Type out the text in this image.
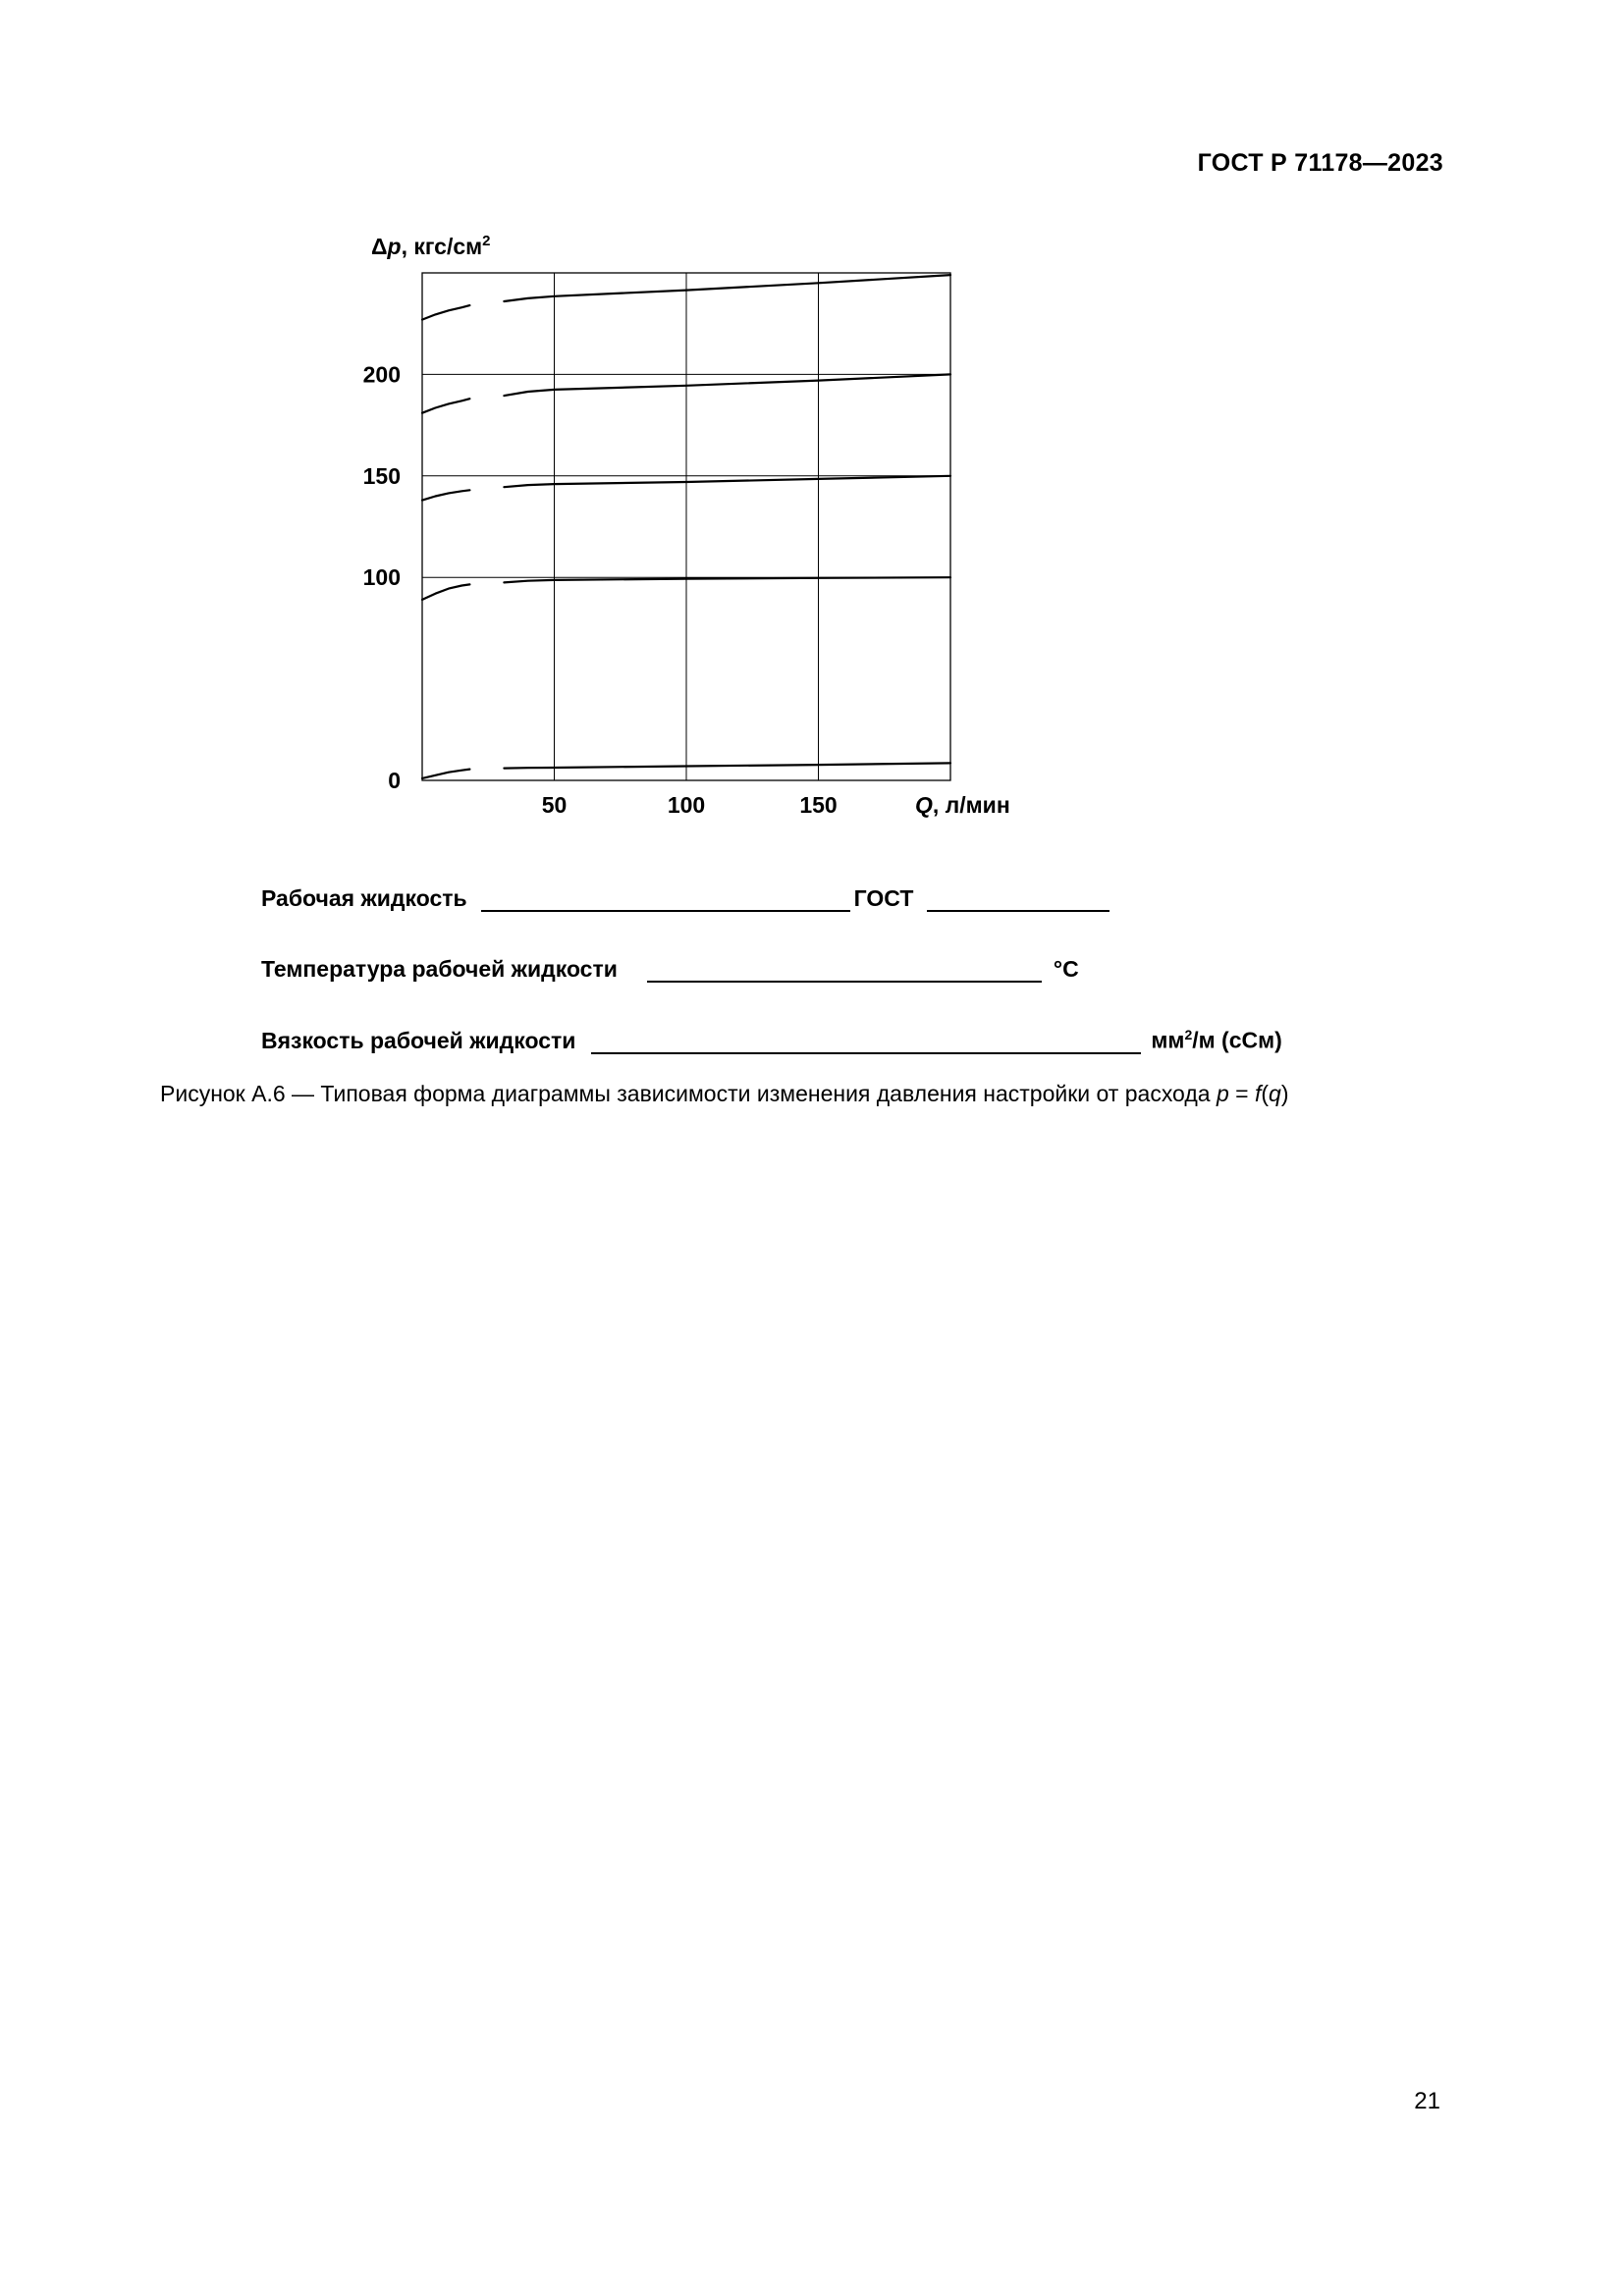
ГОСТ Р 71178—2023
50	100	150
0
100
150
200
Δp, кгс/$см^2$
Q, л/мин
Рабочая жидкость	ГОСТ
Температура рабочей жидкости	°С
Вязкость рабочей жидкости	$мм^2/м$ (сСм)
Рисунок А.6 — Типовая форма диаграммы зависимости изменения давления настройки от расхода p = f(q)
21
